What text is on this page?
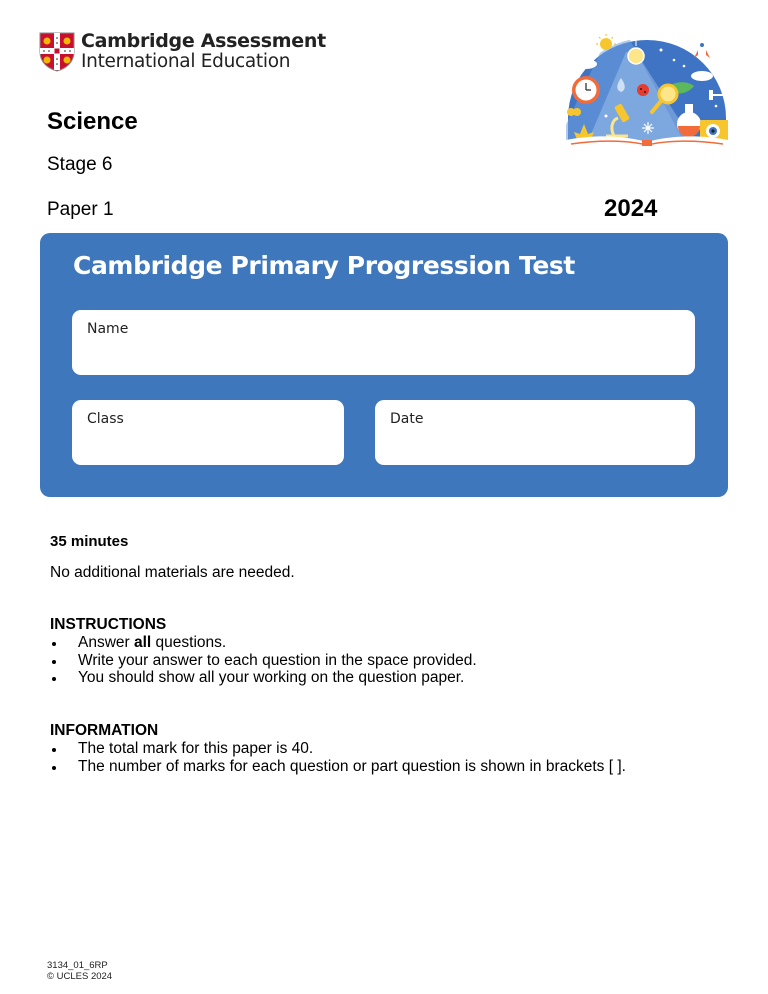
Cambridge Assessment
International Education
Science
Stage 6
Paper 1	2024
Cambridge Primary Progression Test
Name
Class	Date
35 minutes
No additional materials are needed.
INSTRUCTIONS
Answer all questions.
Write your answer to each question in the space provided.
You should show all your working on the question paper.
INFORMATION
The total mark for this paper is 40.
The number of marks for each question or part question is shown in brackets [ ].
3134_01_6RP
© UCLES 2024
